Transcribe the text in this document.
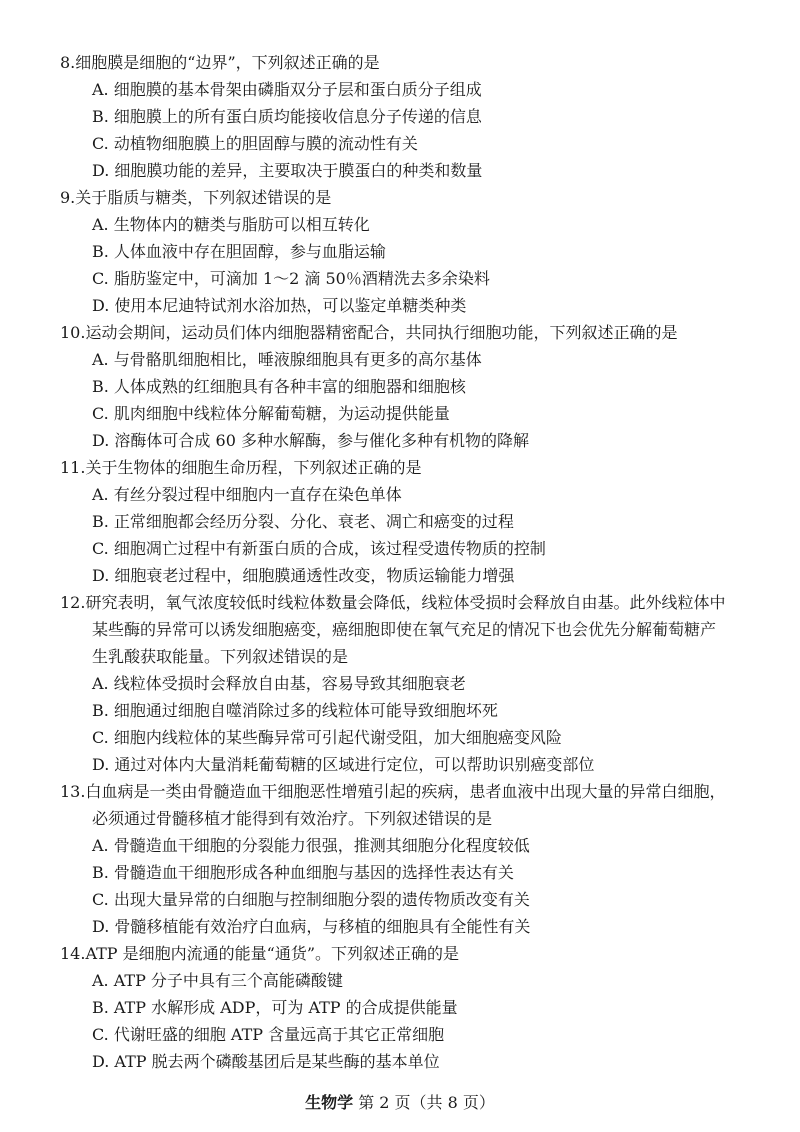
8.细胞膜是细胞的“边界”，下列叙述正确的是

A. 细胞膜的基本骨架由磷脂双分子层和蛋白质分子组成

B. 细胞膜上的所有蛋白质均能接收信息分子传递的信息

C. 动植物细胞膜上的胆固醇与膜的流动性有关

D. 细胞膜功能的差异，主要取决于膜蛋白的种类和数量

9.关于脂质与糖类，下列叙述错误的是

A. 生物体内的糖类与脂肪可以相互转化

B. 人体血液中存在胆固醇，参与血脂运输

C. 脂肪鉴定中，可滴加 1～2 滴 50％酒精洗去多余染料

D. 使用本尼迪特试剂水浴加热，可以鉴定单糖类种类

10.运动会期间，运动员们体内细胞器精密配合，共同执行细胞功能，下列叙述正确的是

A. 与骨骼肌细胞相比，唾液腺细胞具有更多的高尔基体

B. 人体成熟的红细胞具有各种丰富的细胞器和细胞核

C. 肌肉细胞中线粒体分解葡萄糖，为运动提供能量

D. 溶酶体可合成 60 多种水解酶，参与催化多种有机物的降解

11.关于生物体的细胞生命历程，下列叙述正确的是

A. 有丝分裂过程中细胞内一直存在染色单体

B. 正常细胞都会经历分裂、分化、衰老、凋亡和癌变的过程

C. 细胞凋亡过程中有新蛋白质的合成，该过程受遗传物质的控制

D. 细胞衰老过程中，细胞膜通透性改变，物质运输能力增强

12.研究表明，氧气浓度较低时线粒体数量会降低，线粒体受损时会释放自由基。此外线粒体中

某些酶的异常可以诱发细胞癌变，癌细胞即使在氧气充足的情况下也会优先分解葡萄糖产

生乳酸获取能量。下列叙述错误的是

A. 线粒体受损时会释放自由基，容易导致其细胞衰老

B. 细胞通过细胞自噬消除过多的线粒体可能导致细胞坏死

C. 细胞内线粒体的某些酶异常可引起代谢受阻，加大细胞癌变风险

D. 通过对体内大量消耗葡萄糖的区域进行定位，可以帮助识别癌变部位

13.白血病是一类由骨髓造血干细胞恶性增殖引起的疾病，患者血液中出现大量的异常白细胞，

必须通过骨髓移植才能得到有效治疗。下列叙述错误的是

A. 骨髓造血干细胞的分裂能力很强，推测其细胞分化程度较低

B. 骨髓造血干细胞形成各种血细胞与基因的选择性表达有关

C. 出现大量异常的白细胞与控制细胞分裂的遗传物质改变有关

D. 骨髓移植能有效治疗白血病，与移植的细胞具有全能性有关

14.ATP 是细胞内流通的能量“通货”。下列叙述正确的是

A. ATP 分子中具有三个高能磷酸键

B. ATP 水解形成 ADP，可为 ATP 的合成提供能量

C. 代谢旺盛的细胞 ATP 含量远高于其它正常细胞

D. ATP 脱去两个磷酸基团后是某些酶的基本单位

生物学 第 2 页（共 8 页）
